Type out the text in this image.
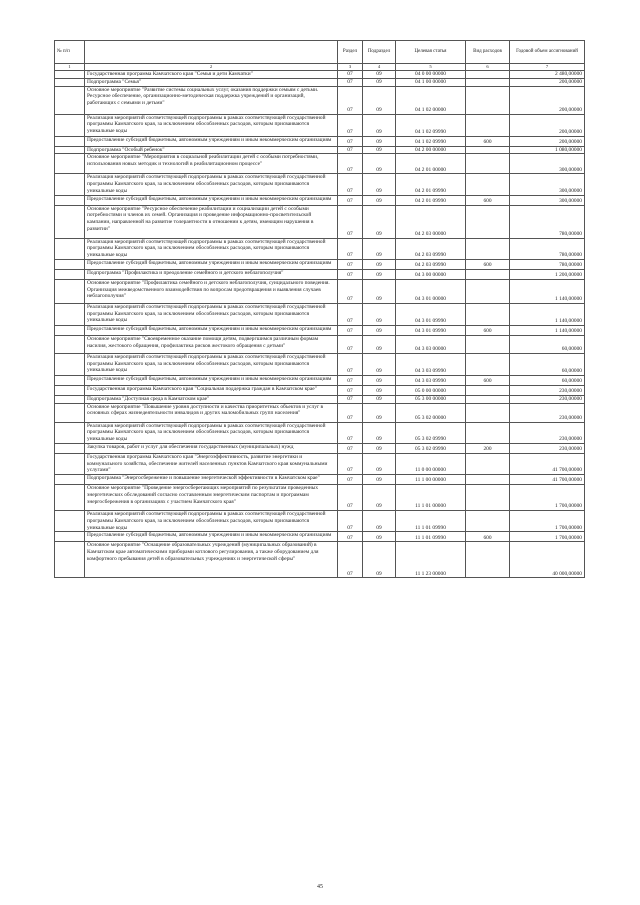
№ п/п		Раздел	Подраздел	Целевая статья	Вид расходов	Годовой объем ассигнований
1	2	3	4	5	6	7
	Государственная программа Камчатского края "Семья и дети Камчатки"	07	09	04 0 00 00000		2 480,00000
	Подпрограмма "Семья"	07	09	04 1 00 00000		200,00000
	Основное мероприятие "Развитие системы социальных услуг, оказания поддержки семьям с детьми. Ресурсное обеспечение, организационно-методическая поддержка учреждений и организаций, работающих с семьями и детьми"	07	09	04 1 02 00000		200,00000
	Реализация мероприятий соответствующей подпрограммы в рамках соответствующей государственной программы Камчатского края, за исключением обособленных расходов, которым присваиваются уникальные коды	07	09	04 1 02 09990		200,00000
	Предоставление субсидий бюджетным, автономным учреждениям и иным некоммерческим организациям	07	09	04 1 02 09990	600	200,00000
	Подпрограмма "Особый ребенок"	07	09	04 2 00 00000		1 080,00000
	Основное мероприятие "Мероприятия в социальной реабилитации детей с особыми потребностями, использования новых методик и технологий в реабилитационном процессе"	07	09	04 2 01 00000		300,00000
	Реализация мероприятий соответствующей подпрограммы в рамках соответствующей государственной программы Камчатского края, за исключением обособленных расходов, которым присваиваются уникальные коды	07	09	04 2 01 09990		300,00000
	Предоставление субсидий бюджетным, автономным учреждениям и иным некоммерческим организациям	07	09	04 2 01 09990	600	300,00000
	Основное мероприятие "Ресурсное обеспечение реабилитации и социализации детей с особыми потребностями и членов их семей. Организация и проведение информационно-просветительской кампании, направленной на развитие толерантности в отношении к детям, имеющим нарушения в развитии"	07	09	04 2 03 00000		780,00000
	Реализация мероприятий соответствующей подпрограммы в рамках соответствующей государственной программы Камчатского края, за исключением обособленных расходов, которым присваиваются уникальные коды	07	09	04 2 03 09990		780,00000
	Предоставление субсидий бюджетным, автономным учреждениям и иным некоммерческим организациям	07	09	04 2 03 09990	600	780,00000
	Подпрограмма "Профилактика и преодоление семейного и детского неблагополучия"	07	09	04 3 00 00000		1 200,00000
	Основное мероприятие "Профилактика семейного и детского неблагополучия, суицидального поведения. Организация межведомственного взаимодействия по вопросам предотвращения и выявления случаев неблагополучия"	07	09	04 3 01 00000		1 140,00000
	Реализация мероприятий соответствующей подпрограммы в рамках соответствующей государственной программы Камчатского края, за исключением обособленных расходов, которым присваиваются уникальные коды	07	09	04 3 01 09990		1 140,00000
	Предоставление субсидий бюджетным, автономным учреждениям и иным некоммерческим организациям	07	09	04 3 01 09990	600	1 140,00000
	Основное мероприятие "Своевременное оказание помощи детям, подвергшимся различным формам насилия, жестокого обращения, профилактика рисков жестокого обращения с детьми"	07	09	04 3 03 00000		60,00000
	Реализация мероприятий соответствующей подпрограммы в рамках соответствующей государственной программы Камчатского края, за исключением обособленных расходов, которым присваиваются уникальные коды	07	09	04 3 03 09990		60,00000
	Предоставление субсидий бюджетным, автономным учреждениям и иным некоммерческим организациям	07	09	04 3 03 09990	600	60,00000
	Государственная программа Камчатского края "Социальная поддержка граждан в Камчатском крае"	07	09	05 0 00 00000		230,00000
	Подпрограмма "Доступная среда в Камчатском крае"	07	09	05 3 00 00000		230,00000
	Основное мероприятие "Повышение уровня доступности и качества приоритетных объектов и услуг в основных сферах жизнедеятельности инвалидов и других маломобильных групп населения"	07	09	05 3 02 00000		230,00000
	Реализация мероприятий соответствующей подпрограммы в рамках соответствующей государственной программы Камчатского края, за исключением обособленных расходов, которым присваиваются уникальные коды	07	09	05 3 02 09990		230,00000
	Закупка товаров, работ и услуг для обеспечения государственных (муниципальных) нужд	07	09	05 3 02 09990	200	230,00000
	Государственная программа Камчатского края "Энергоэффективность, развитие энергетики и коммунального хозяйства, обеспечение жителей населенных пунктов Камчатского края коммунальными услугами"	07	09	11 0 00 00000		41 700,00000
	Подпрограмма "Энергосбережение и повышение энергетической эффективности в Камчатском крае"	07	09	11 1 00 00000		41 700,00000
	Основное мероприятие "Проведение энергосберегающих мероприятий по результатам проведенных энергетических обследований согласно составленным энергетическим паспортам и программам энергосбережения в организациях с участием Камчатского края"	07	09	11 1 01 00000		1 700,00000
	Реализация мероприятий соответствующей подпрограммы в рамках соответствующей государственной программы Камчатского края, за исключением обособленных расходов, которым присваиваются уникальные коды	07	09	11 1 01 09990		1 700,00000
	Предоставление субсидий бюджетным, автономным учреждениям и иным некоммерческим организациям	07	09	11 1 01 09990	600	1 700,00000
	Основное мероприятие "Оснащение образовательных учреждений (муниципальных образований) в Камчатском крае автоматическими приборами котлового регулирования, а также оборудованием для комфортного пребывания детей в образовательных учреждениях и энергетической сферы"	07	09	11 1 23 00000		40 000,00000
45
